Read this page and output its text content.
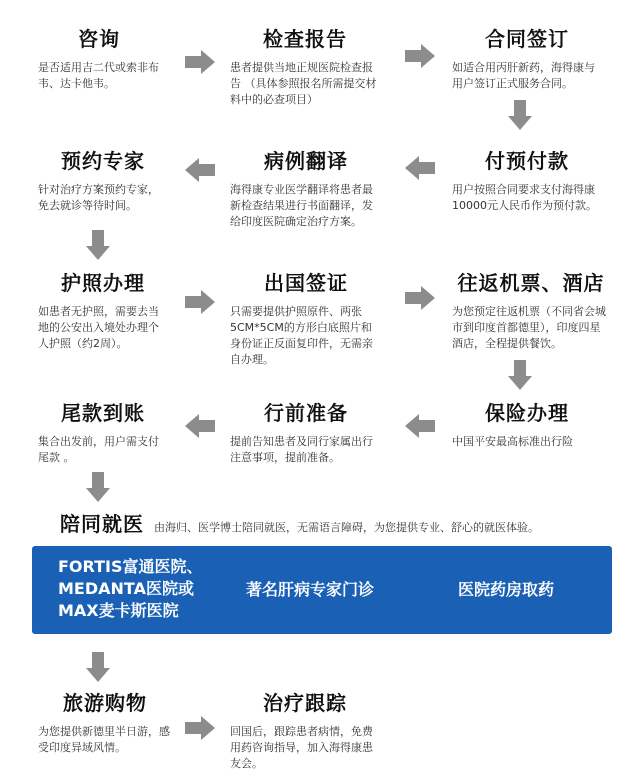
咨询
是否适用吉二代或索非布韦、达卡他韦。
检查报告
患者提供当地正规医院检查报告 （具体参照报名所需提交材料中的必查项目）
合同签订
如适合用丙肝新药，海得康与用户签订正式服务合同。
预约专家
针对治疗方案预约专家，免去就诊等待时间。
病例翻译
海得康专业医学翻译将患者最新检查结果进行书面翻译，发给印度医院确定治疗方案。
付预付款
用户按照合同要求支付海得康10000元人民币作为预付款。
护照办理
如患者无护照，需要去当地的公安出入境处办理个人护照（约2周）。
出国签证
只需要提供护照原件、两张5CM*5CM的方形白底照片和身份证正反面复印件，无需亲自办理。
往返机票、酒店
为您预定往返机票（不同省会城市到印度首都德里），印度四星酒店，全程提供餐饮。
尾款到账
集合出发前，用户需支付尾款 。
行前准备
提前告知患者及同行家属出行注意事项，提前准备。
保险办理
中国平安最高标准出行险
陪同就医 由海归、医学博士陪同就医，无需语言障碍，为您提供专业、舒心的就医体验。
FORTIS富通医院、MEDANTA医院或MAX麦卡斯医院
著名肝病专家门诊	医院药房取药
旅游购物
为您提供新德里半日游，感受印度异域风情。
治疗跟踪
回国后，跟踪患者病情，免费用药咨询指导，加入海得康患友会。
